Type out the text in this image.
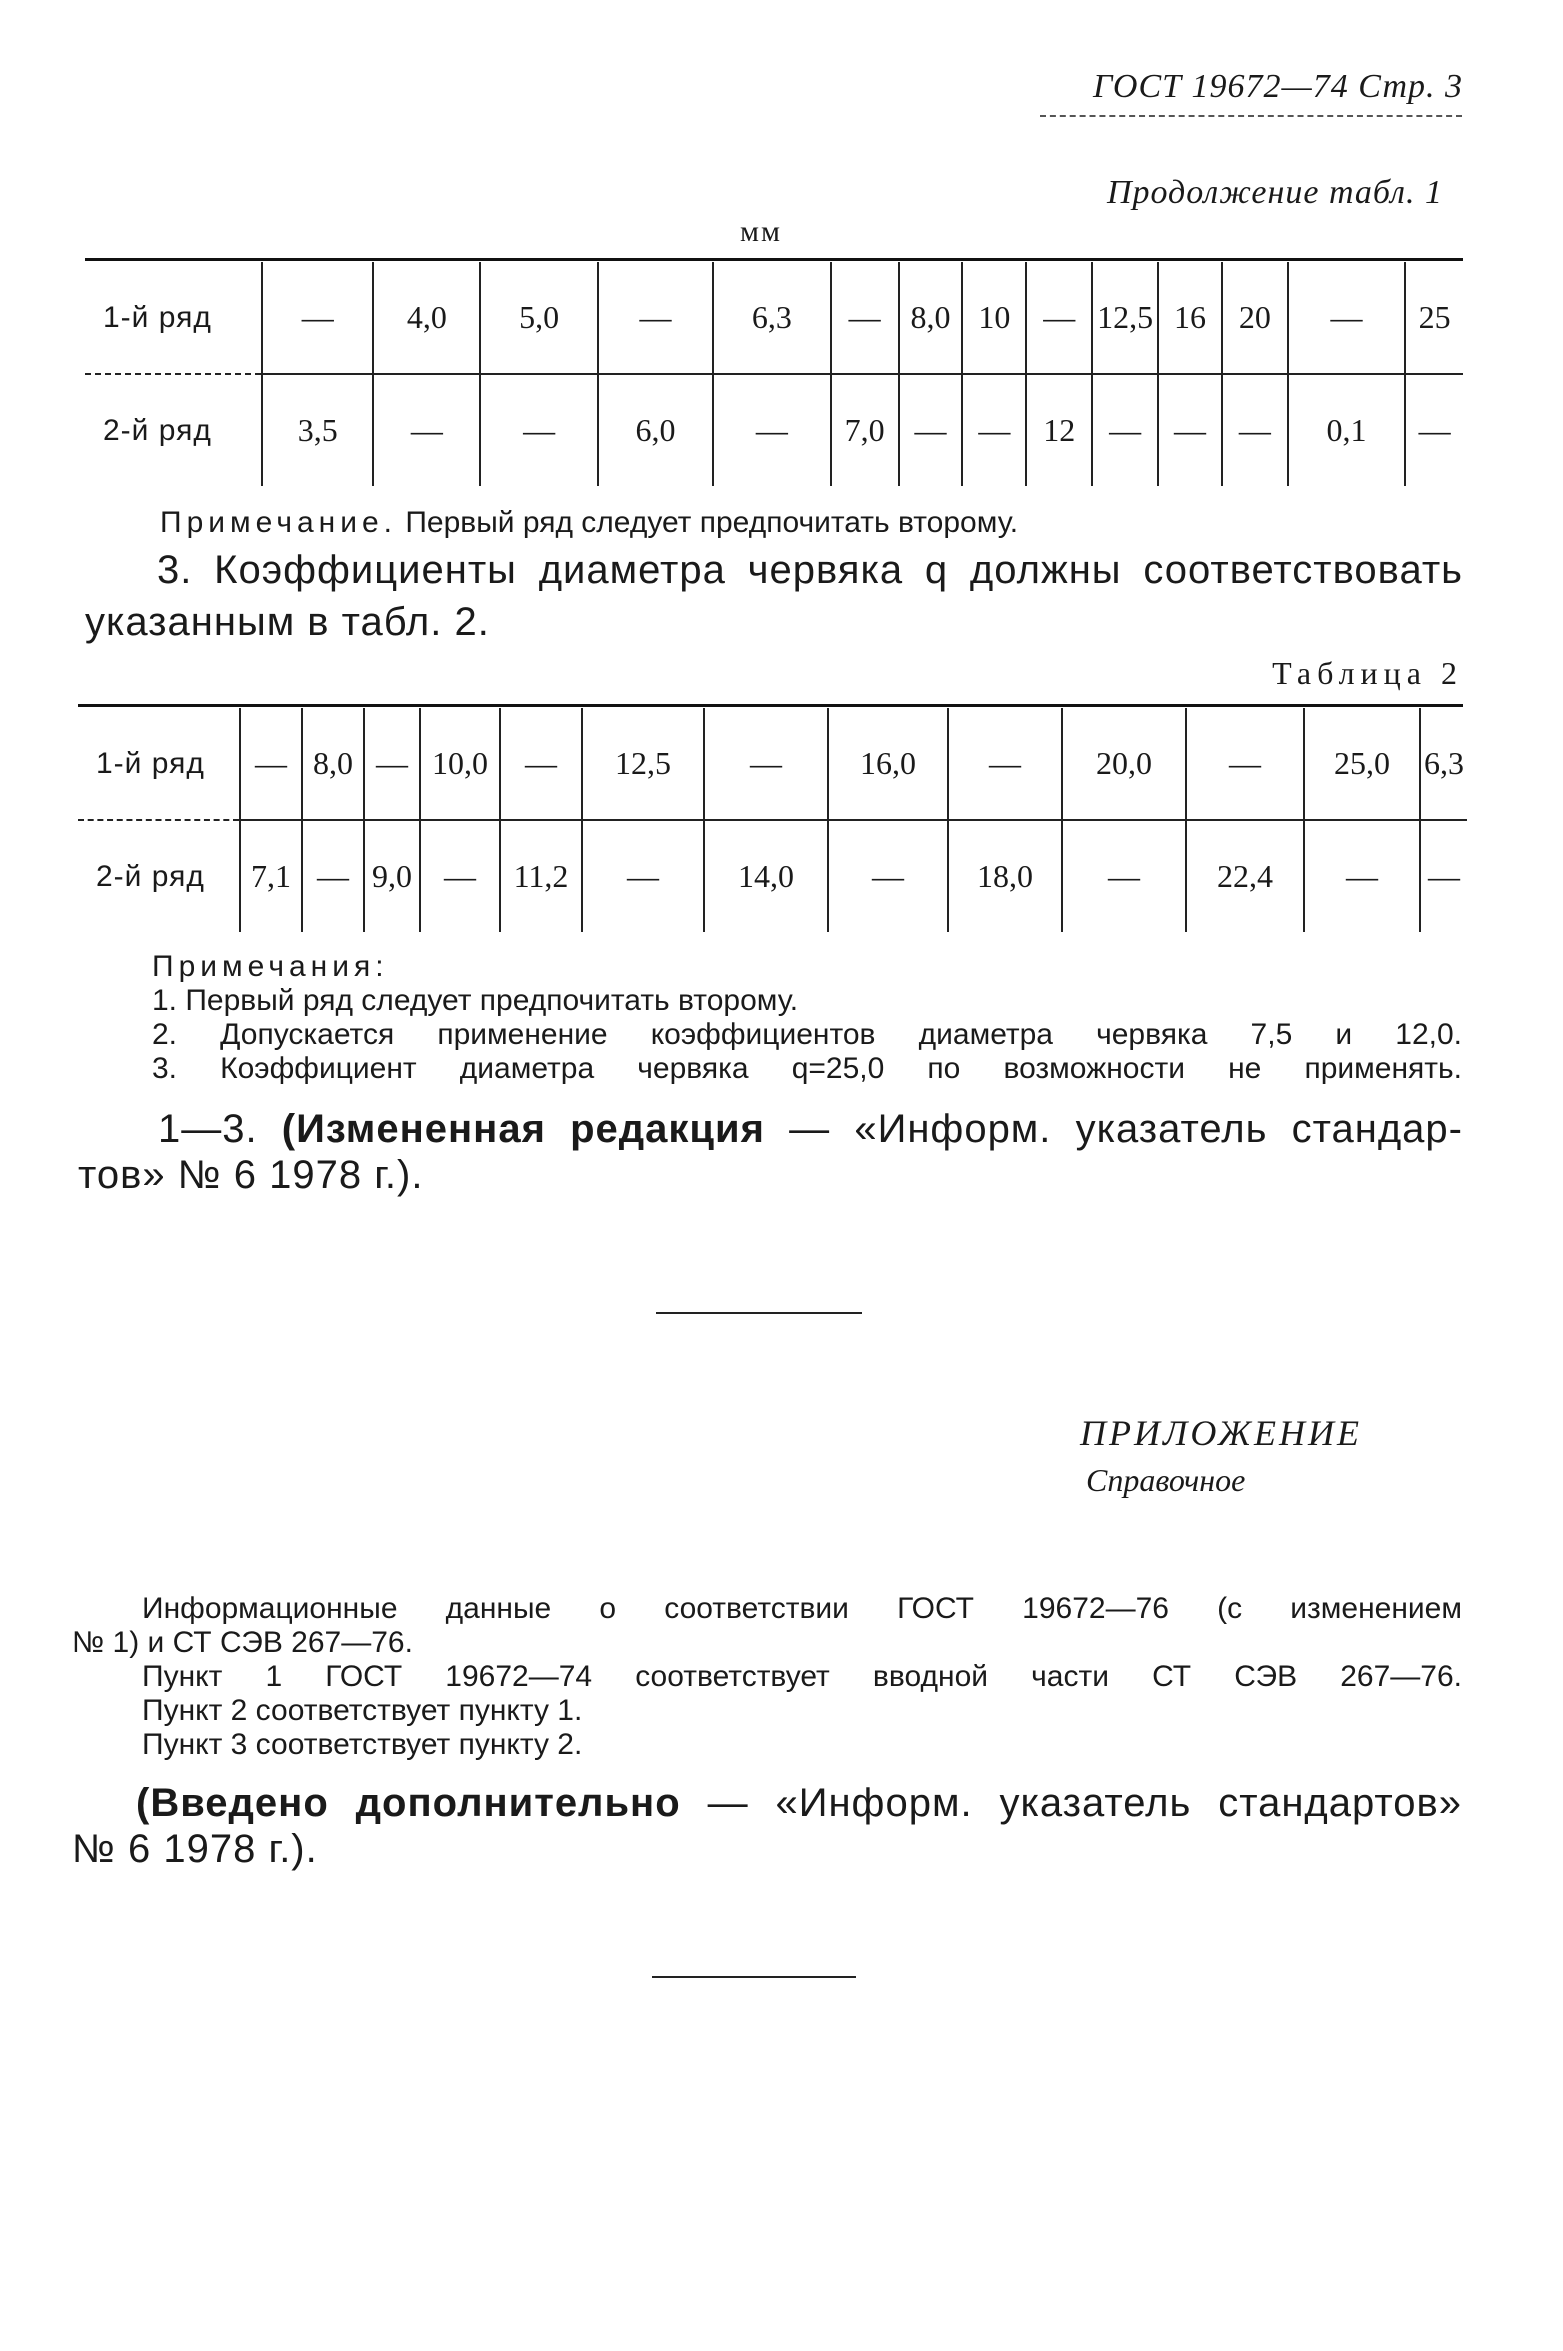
ГОСТ 19672—74 Стр. 3
Продолжение табл. 1
мм
1-й ряд	—	4,0	5,0	—	6,3	—	8,0	10	—	12,5	16	20	—	25
2-й ряд	3,5	—	—	6,0	—	7,0	—	—	12	—	—	—	0,1	—
Примечание. Первый ряд следует предпочитать второму.
3. Коэффициенты диаметра червяка q должны соответствовать
указанным в табл. 2.
Таблица 2
1-й ряд	—	8,0	—	10,0	—	12,5	—	16,0	—	20,0	—	25,0	6,3
2-й ряд	7,1	—	9,0	—	11,2	—	14,0	—	18,0	—	22,4	—	—
Примечания:
1. Первый ряд следует предпочитать второму.
2. Допускается применение коэффициентов диаметра червяка 7,5 и 12,0.
3. Коэффициент диаметра червяка q=25,0 по возможности не применять.
1—3. (Измененная редакция — «Информ. указатель стандар-
тов» № 6 1978 г.).
ПРИЛОЖЕНИЕ
Справочное
Информационные данные о соответствии ГОСТ 19672—76 (с изменением
№ 1) и СТ СЭВ 267—76.
Пункт 1 ГОСТ 19672—74 соответствует вводной части СТ СЭВ 267—76.
Пункт 2 соответствует пункту 1.
Пункт 3 соответствует пункту 2.
(Введено дополнительно — «Информ. указатель стандартов»
№ 6 1978 г.).
